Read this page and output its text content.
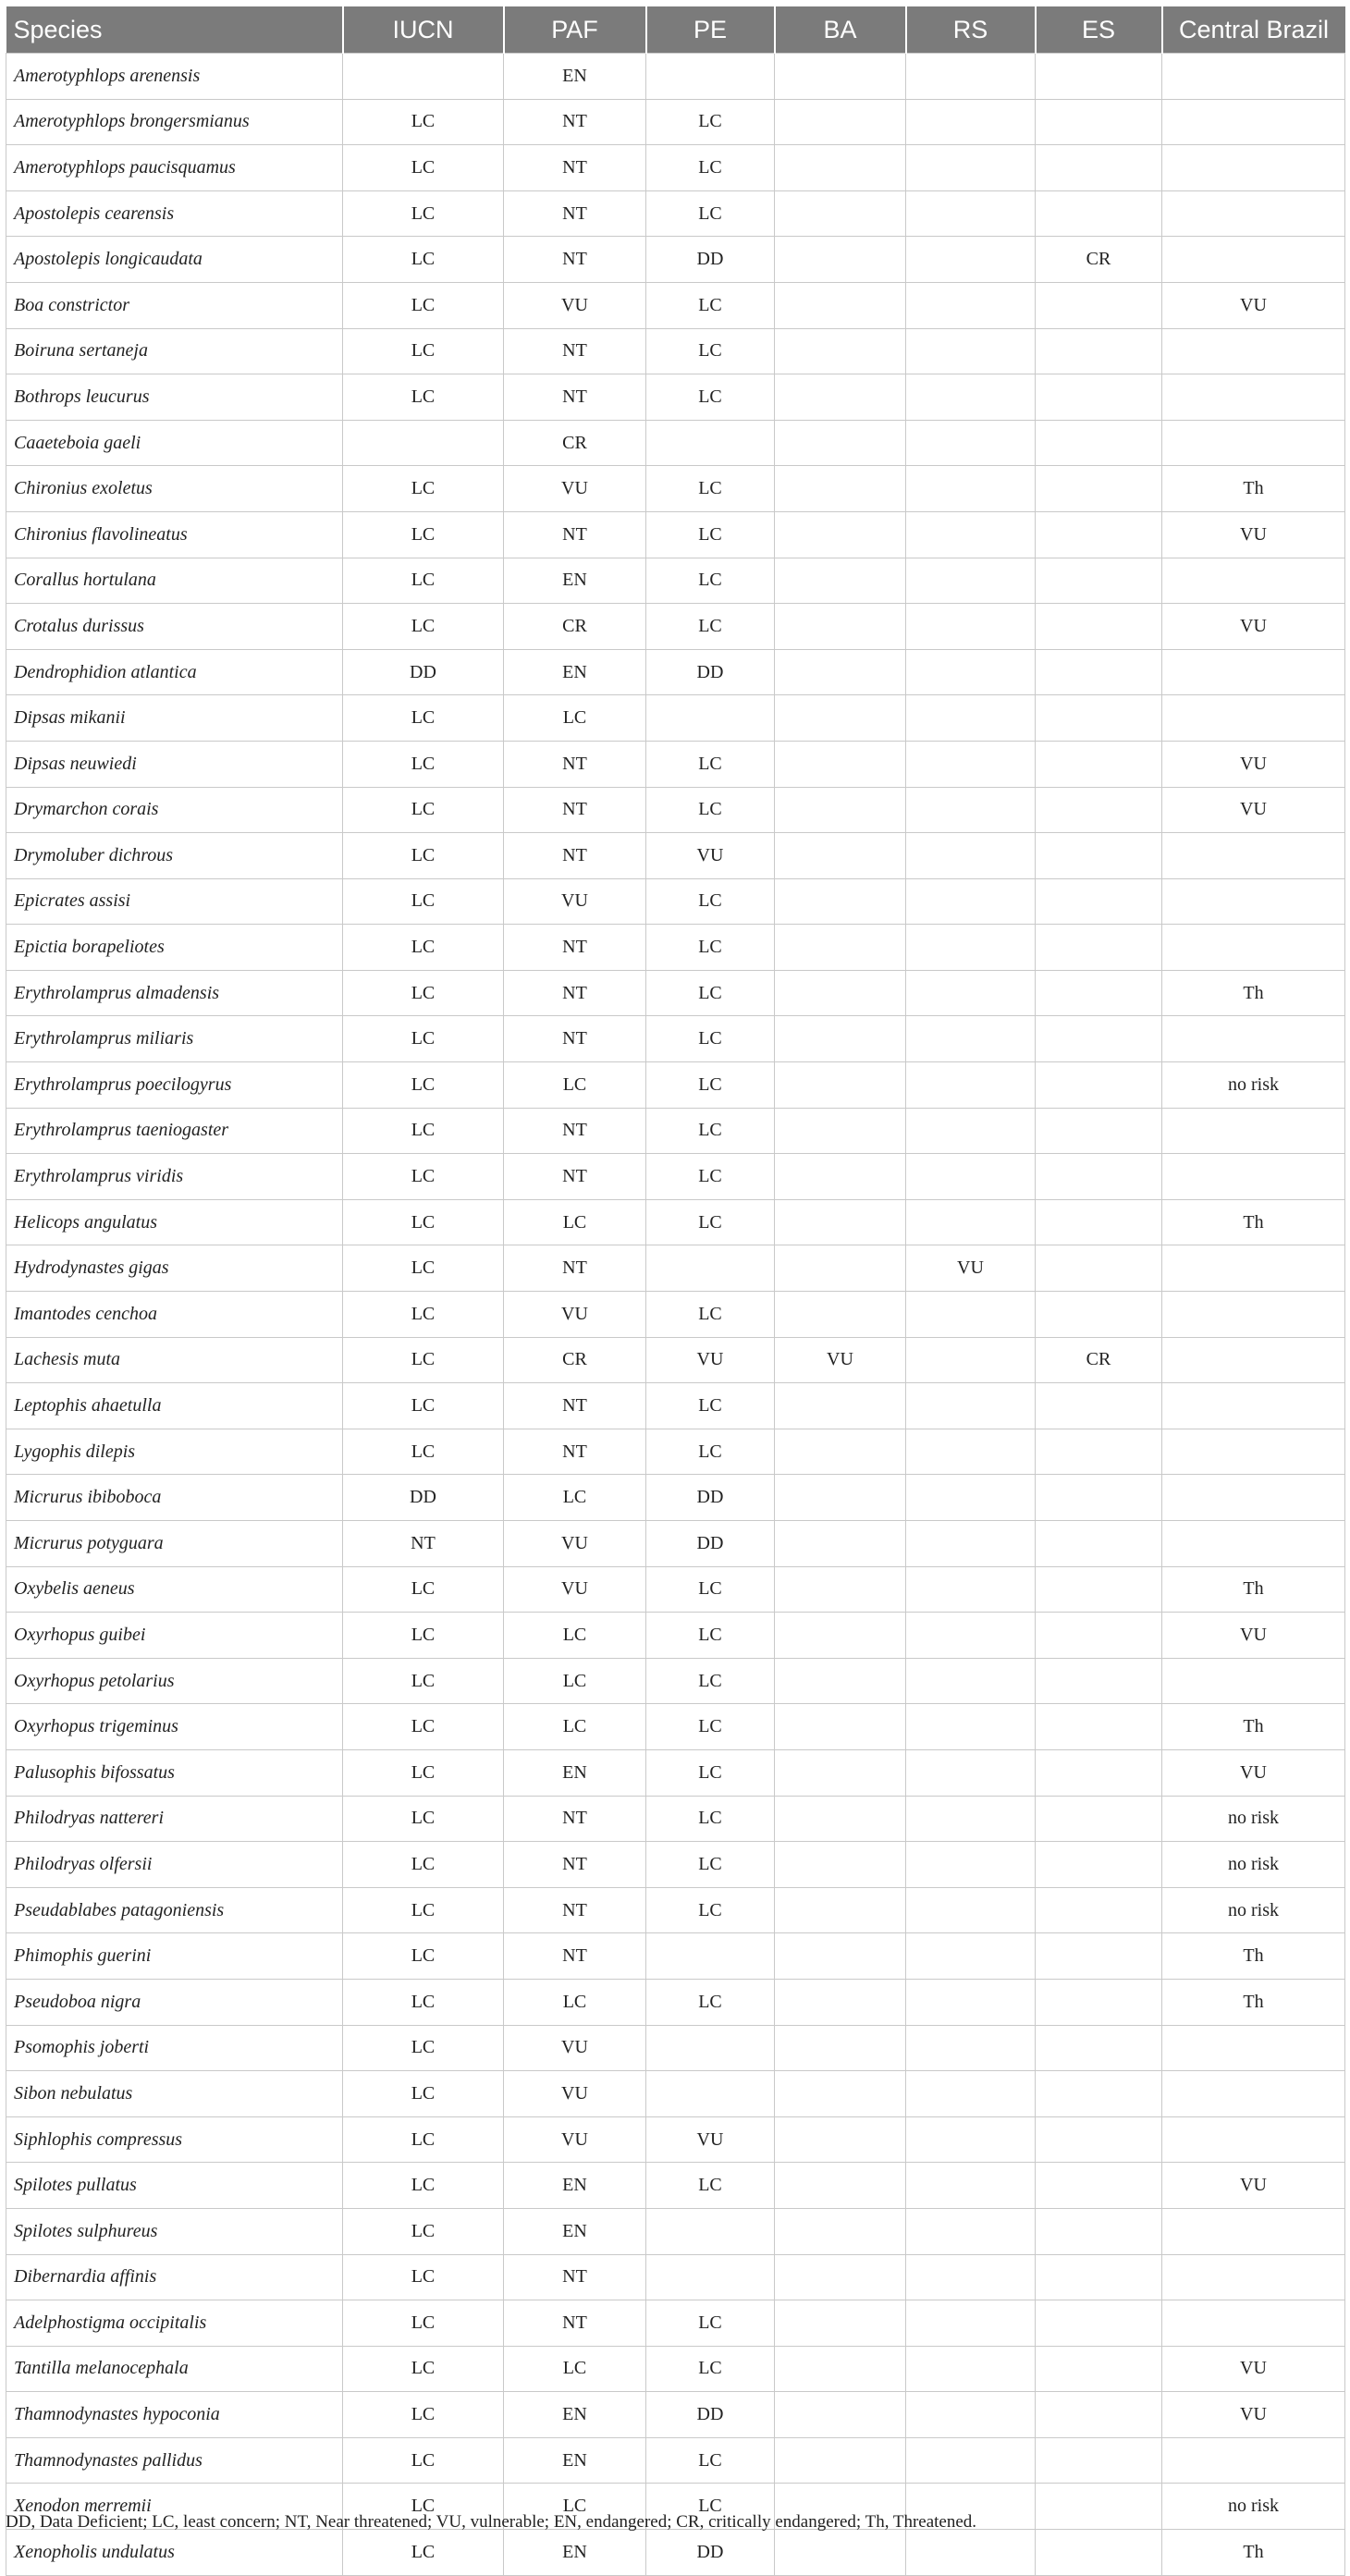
Species	IUCN	PAF	PE	BA	RS	ES	Central Brazil
Amerotyphlops arenensis		EN					
Amerotyphlops brongersmianus	LC	NT	LC				
Amerotyphlops paucisquamus	LC	NT	LC				
Apostolepis cearensis	LC	NT	LC				
Apostolepis longicaudata	LC	NT	DD			CR	
Boa constrictor	LC	VU	LC				VU
Boiruna sertaneja	LC	NT	LC				
Bothrops leucurus	LC	NT	LC				
Caaeteboia gaeli		CR					
Chironius exoletus	LC	VU	LC				Th
Chironius flavolineatus	LC	NT	LC				VU
Corallus hortulana	LC	EN	LC				
Crotalus durissus	LC	CR	LC				VU
Dendrophidion atlantica	DD	EN	DD				
Dipsas mikanii	LC	LC					
Dipsas neuwiedi	LC	NT	LC				VU
Drymarchon corais	LC	NT	LC				VU
Drymoluber dichrous	LC	NT	VU				
Epicrates assisi	LC	VU	LC				
Epictia borapeliotes	LC	NT	LC				
Erythrolamprus almadensis	LC	NT	LC				Th
Erythrolamprus miliaris	LC	NT	LC				
Erythrolamprus poecilogyrus	LC	LC	LC				no risk
Erythrolamprus taeniogaster	LC	NT	LC				
Erythrolamprus viridis	LC	NT	LC				
Helicops angulatus	LC	LC	LC				Th
Hydrodynastes gigas	LC	NT			VU		
Imantodes cenchoa	LC	VU	LC				
Lachesis muta	LC	CR	VU	VU		CR	
Leptophis ahaetulla	LC	NT	LC				
Lygophis dilepis	LC	NT	LC				
Micrurus ibiboboca	DD	LC	DD				
Micrurus potyguara	NT	VU	DD				
Oxybelis aeneus	LC	VU	LC				Th
Oxyrhopus guibei	LC	LC	LC				VU
Oxyrhopus petolarius	LC	LC	LC				
Oxyrhopus trigeminus	LC	LC	LC				Th
Palusophis bifossatus	LC	EN	LC				VU
Philodryas nattereri	LC	NT	LC				no risk
Philodryas olfersii	LC	NT	LC				no risk
Pseudablabes patagoniensis	LC	NT	LC				no risk
Phimophis guerini	LC	NT					Th
Pseudoboa nigra	LC	LC	LC				Th
Psomophis joberti	LC	VU					
Sibon nebulatus	LC	VU					
Siphlophis compressus	LC	VU	VU				
Spilotes pullatus	LC	EN	LC				VU
Spilotes sulphureus	LC	EN					
Dibernardia affinis	LC	NT					
Adelphostigma occipitalis	LC	NT	LC				
Tantilla melanocephala	LC	LC	LC				VU
Thamnodynastes hypoconia	LC	EN	DD				VU
Thamnodynastes pallidus	LC	EN	LC				
Xenodon merremii	LC	LC	LC				no risk
Xenopholis undulatus	LC	EN	DD				Th
DD, Data Deficient; LC, least concern; NT, Near threatened; VU, vulnerable; EN, endangered; CR, critically endangered; Th, Threatened.
